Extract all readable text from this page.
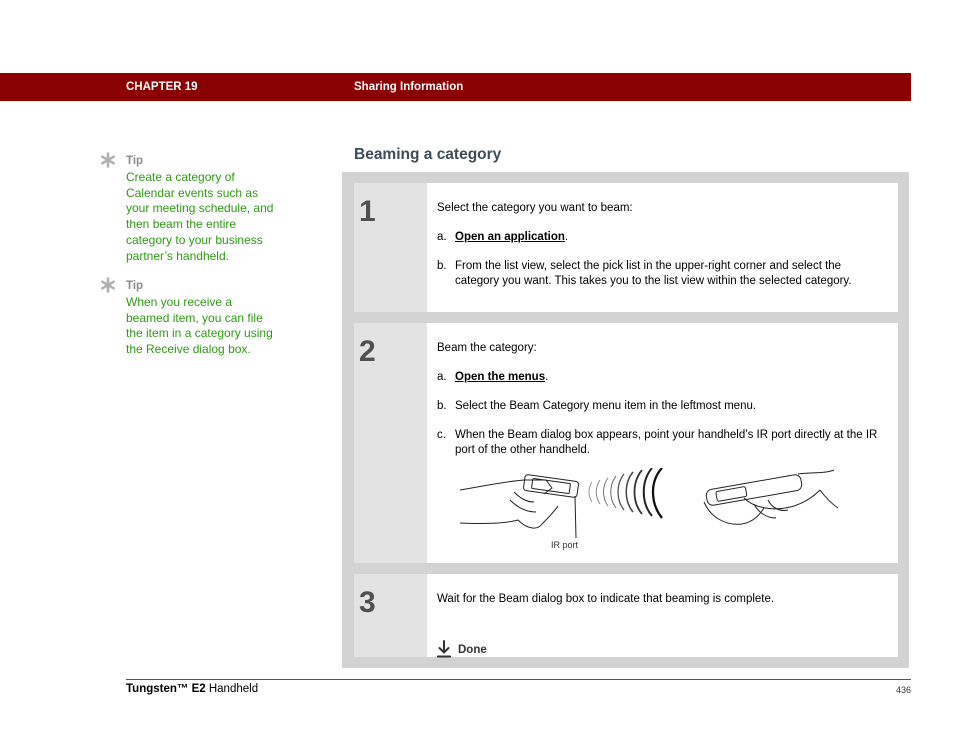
CHAPTER 19	Sharing Information
Tip
Create a category of Calendar events such as your meeting schedule, and then beam the entire category to your business partner’s handheld.
Tip
When you receive a beamed item, you can file the item in a category using the Receive dialog box.
Beaming a category
1	Select the category you want to beam:
a. Open an application.
b. From the list view, select the pick list in the upper-right corner and select the category you want. This takes you to the list view within the selected category.
2	Beam the category:
a. Open the menus.
b. Select the Beam Category menu item in the leftmost menu.
c. When the Beam dialog box appears, point your handheld’s IR port directly at the IR port of the other handheld.
IR port
3	Wait for the Beam dialog box to indicate that beaming is complete.
Done
Tungsten™ E2 Handheld	436
